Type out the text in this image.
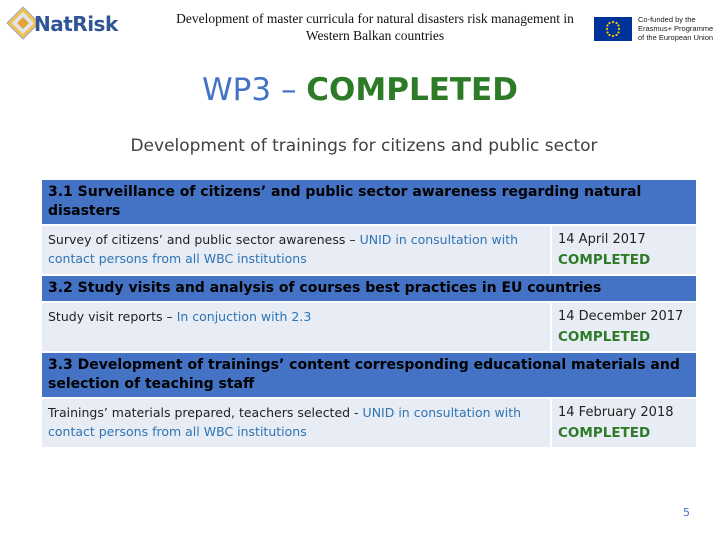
NatRisk	Development of master curricula for natural disasters risk management in
Western Balkan countries
Co-funded by the
Erasmus+ Programme
of the European Union
WP3 – COMPLETED
Development of trainings for citizens and public sector
3.1 Surveillance of citizens’ and public sector awareness regarding natural disasters
Survey of citizens’ and public sector awareness – UNID in consultation with contact persons from all WBC institutions
14 April 2017
COMPLETED
3.2 Study visits and analysis of courses best practices in EU countries
Study visit reports – In conjuction with 2.3	14 December 2017
COMPLETED
3.3 Development of trainings’ content corresponding educational materials and selection of teaching staff
Trainings’ materials prepared, teachers selected - UNID in consultation with contact persons from all WBC institutions
14 February 2018
COMPLETED
5
